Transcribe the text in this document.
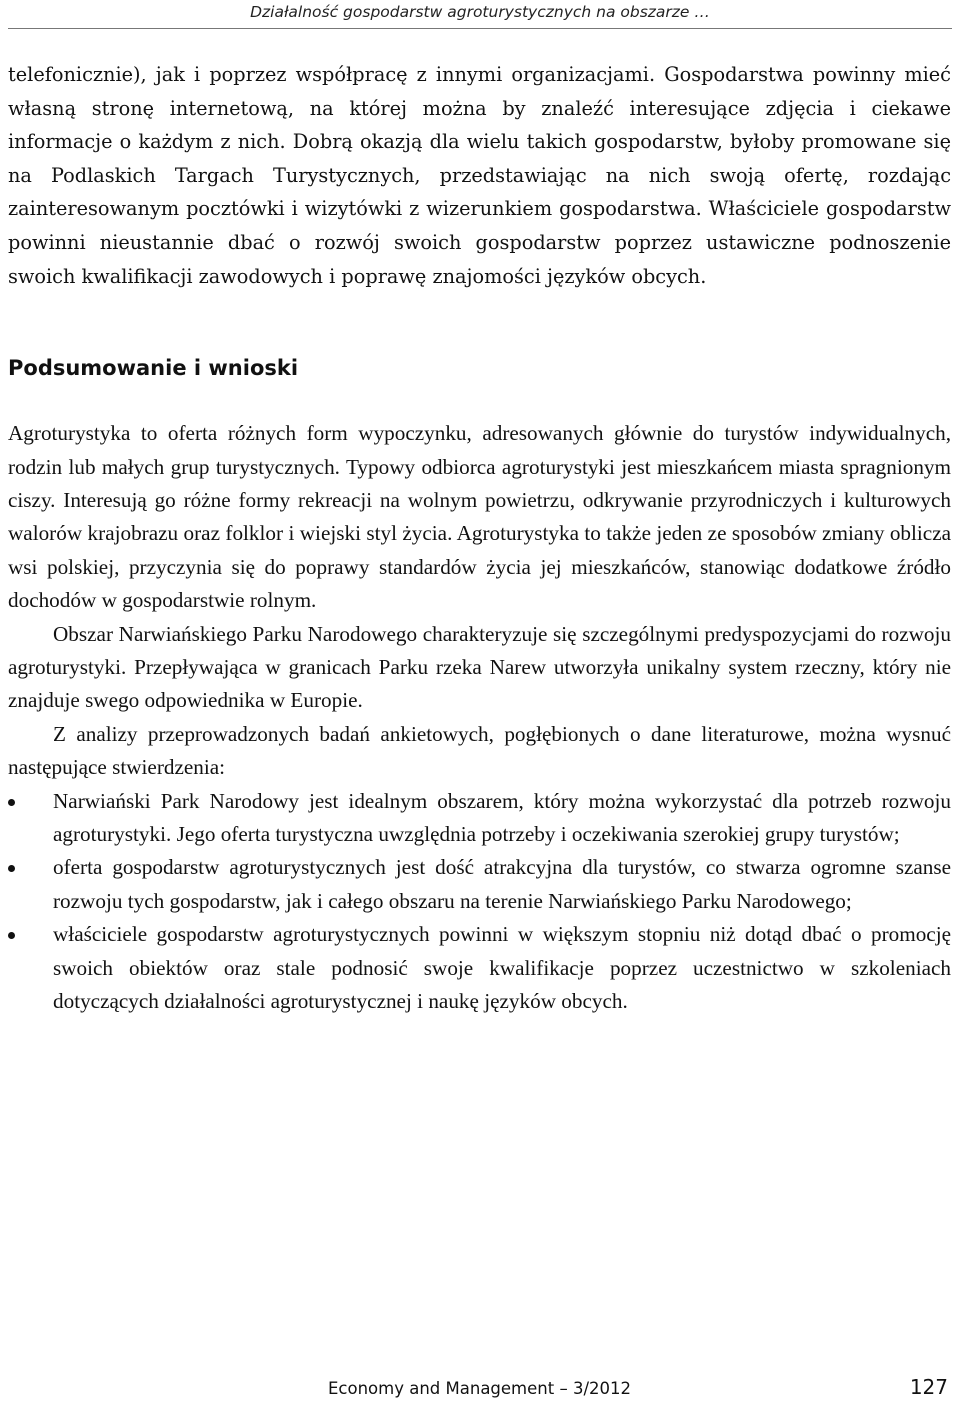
Działalność gospodarstw agroturystycznych na obszarze …

telefonicznie), jak i poprzez współpracę z innymi organizacjami. Gospodarstwa powinny mieć własną stronę internetową, na której można by znaleźć interesujące zdjęcia i ciekawe informacje o każdym z nich. Dobrą okazją dla wielu takich gospodarstw, byłoby promowane się na Podlaskich Targach Turystycznych, przedstawiając na nich swoją ofertę, rozdając zainteresowanym pocztówki i wizytówki z wizerunkiem gospodarstwa. Właściciele gospodarstw powinni nieustannie dbać o rozwój swoich gospodarstw poprzez ustawiczne podnoszenie swoich kwalifikacji zawodowych i poprawę znajomości języków obcych.

Podsumowanie i wnioski

Agroturystyka to oferta różnych form wypoczynku, adresowanych głównie do turystów indywidualnych, rodzin lub małych grup turystycznych. Typowy odbiorca agroturystyki jest mieszkańcem miasta spragnionym ciszy. Interesują go różne formy rekreacji na wolnym powietrzu, odkrywanie przyrodniczych i kulturowych walorów krajobrazu oraz folklor i wiejski styl życia. Agroturystyka to także jeden ze sposobów zmiany oblicza wsi polskiej, przyczynia się do poprawy standardów życia jej mieszkańców, stanowiąc dodatkowe źródło dochodów w gospodarstwie rolnym.

Obszar Narwiańskiego Parku Narodowego charakteryzuje się szczególnymi predyspozycjami do rozwoju agroturystyki. Przepływająca w granicach Parku rzeka Narew utworzyła unikalny system rzeczny, który nie znajduje swego odpowiednika w Europie.

Z analizy przeprowadzonych badań ankietowych, pogłębionych o dane literaturowe, można wysnuć następujące stwierdzenia:

Narwiański Park Narodowy jest idealnym obszarem, który można wykorzystać dla potrzeb rozwoju agroturystyki. Jego oferta turystyczna uwzględnia potrzeby i oczekiwania szerokiej grupy turystów;
oferta gospodarstw agroturystycznych jest dość atrakcyjna dla turystów, co stwarza ogromne szanse rozwoju tych gospodarstw, jak i całego obszaru na terenie Narwiańskiego Parku Narodowego;
właściciele gospodarstw agroturystycznych powinni w większym stopniu niż dotąd dbać o promocję swoich obiektów oraz stale podnosić swoje kwalifikacje poprzez uczestnictwo w szkoleniach dotyczących działalności agroturystycznej i naukę języków obcych.
Economy and Management – 3/2012	127
